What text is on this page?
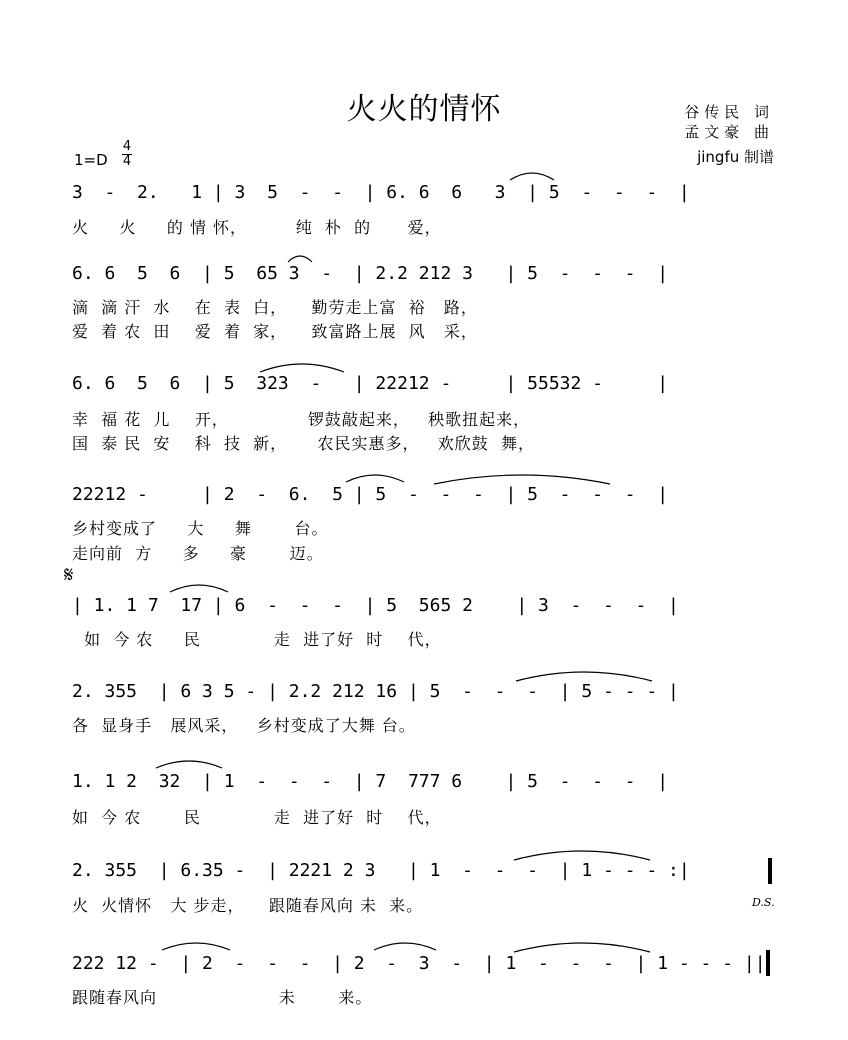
火火的情怀	谷传民 词
孟文豪 曲
jingfu 制谱
1=D
4
4
3  -  2.   1 | 3  5  -  -  | 6. 6  6   3  | 5  -  -  -  |
火     火     的 情 怀，        纯  朴  的      爱，
6. 6  5  6  | 5  65 3  -  | 2.2 212 3   | 5  -  -  -  |
滴  滴 汗  水    在  表  白，    勤劳走上富  裕   路，
爱  着 农  田    爱  着  家，    致富路上展  风   采，
6. 6  5  6  | 5  323  -   | 22212 -     | 55532 -     |
幸  福 花  儿    开，             锣鼓敲起来，   秧歌扭起来，
国  泰 民  安    科  技  新，     农民实惠多，   欢欣鼓  舞，
22212 -     | 2  -  6.  5 | 5  -  -  -  | 5  -  -  -  |
乡村变成了     大     舞       台。
走向前  方     多     豪       迈。
𝄋
| 1. 1 7  17 | 6  -  -  -  | 5  565 2    | 3  -  -  -  |
如  今 农     民            走  进了好  时    代，
2. 355  | 6 3 5 - | 2.2 212 16 | 5  -  -  -  | 5 - - - |
各  显身手   展风采，   乡村变成了大舞 台。
1. 1 2  32  | 1  -  -  -  | 7  777 6    | 5  -  -  -  |
如  今 农       民            走  进了好  时    代，
2. 355  | 6.35 -  | 2221 2 3   | 1  -  -  -  | 1 - - - :|
火  火情怀   大 步走，    跟随春风向 未  来。	D.S.
222 12 -  | 2  -  -  -  | 2  -  3  -  | 1  -  -  -  | 1 - - - ||
跟随春风向                    未       来。
